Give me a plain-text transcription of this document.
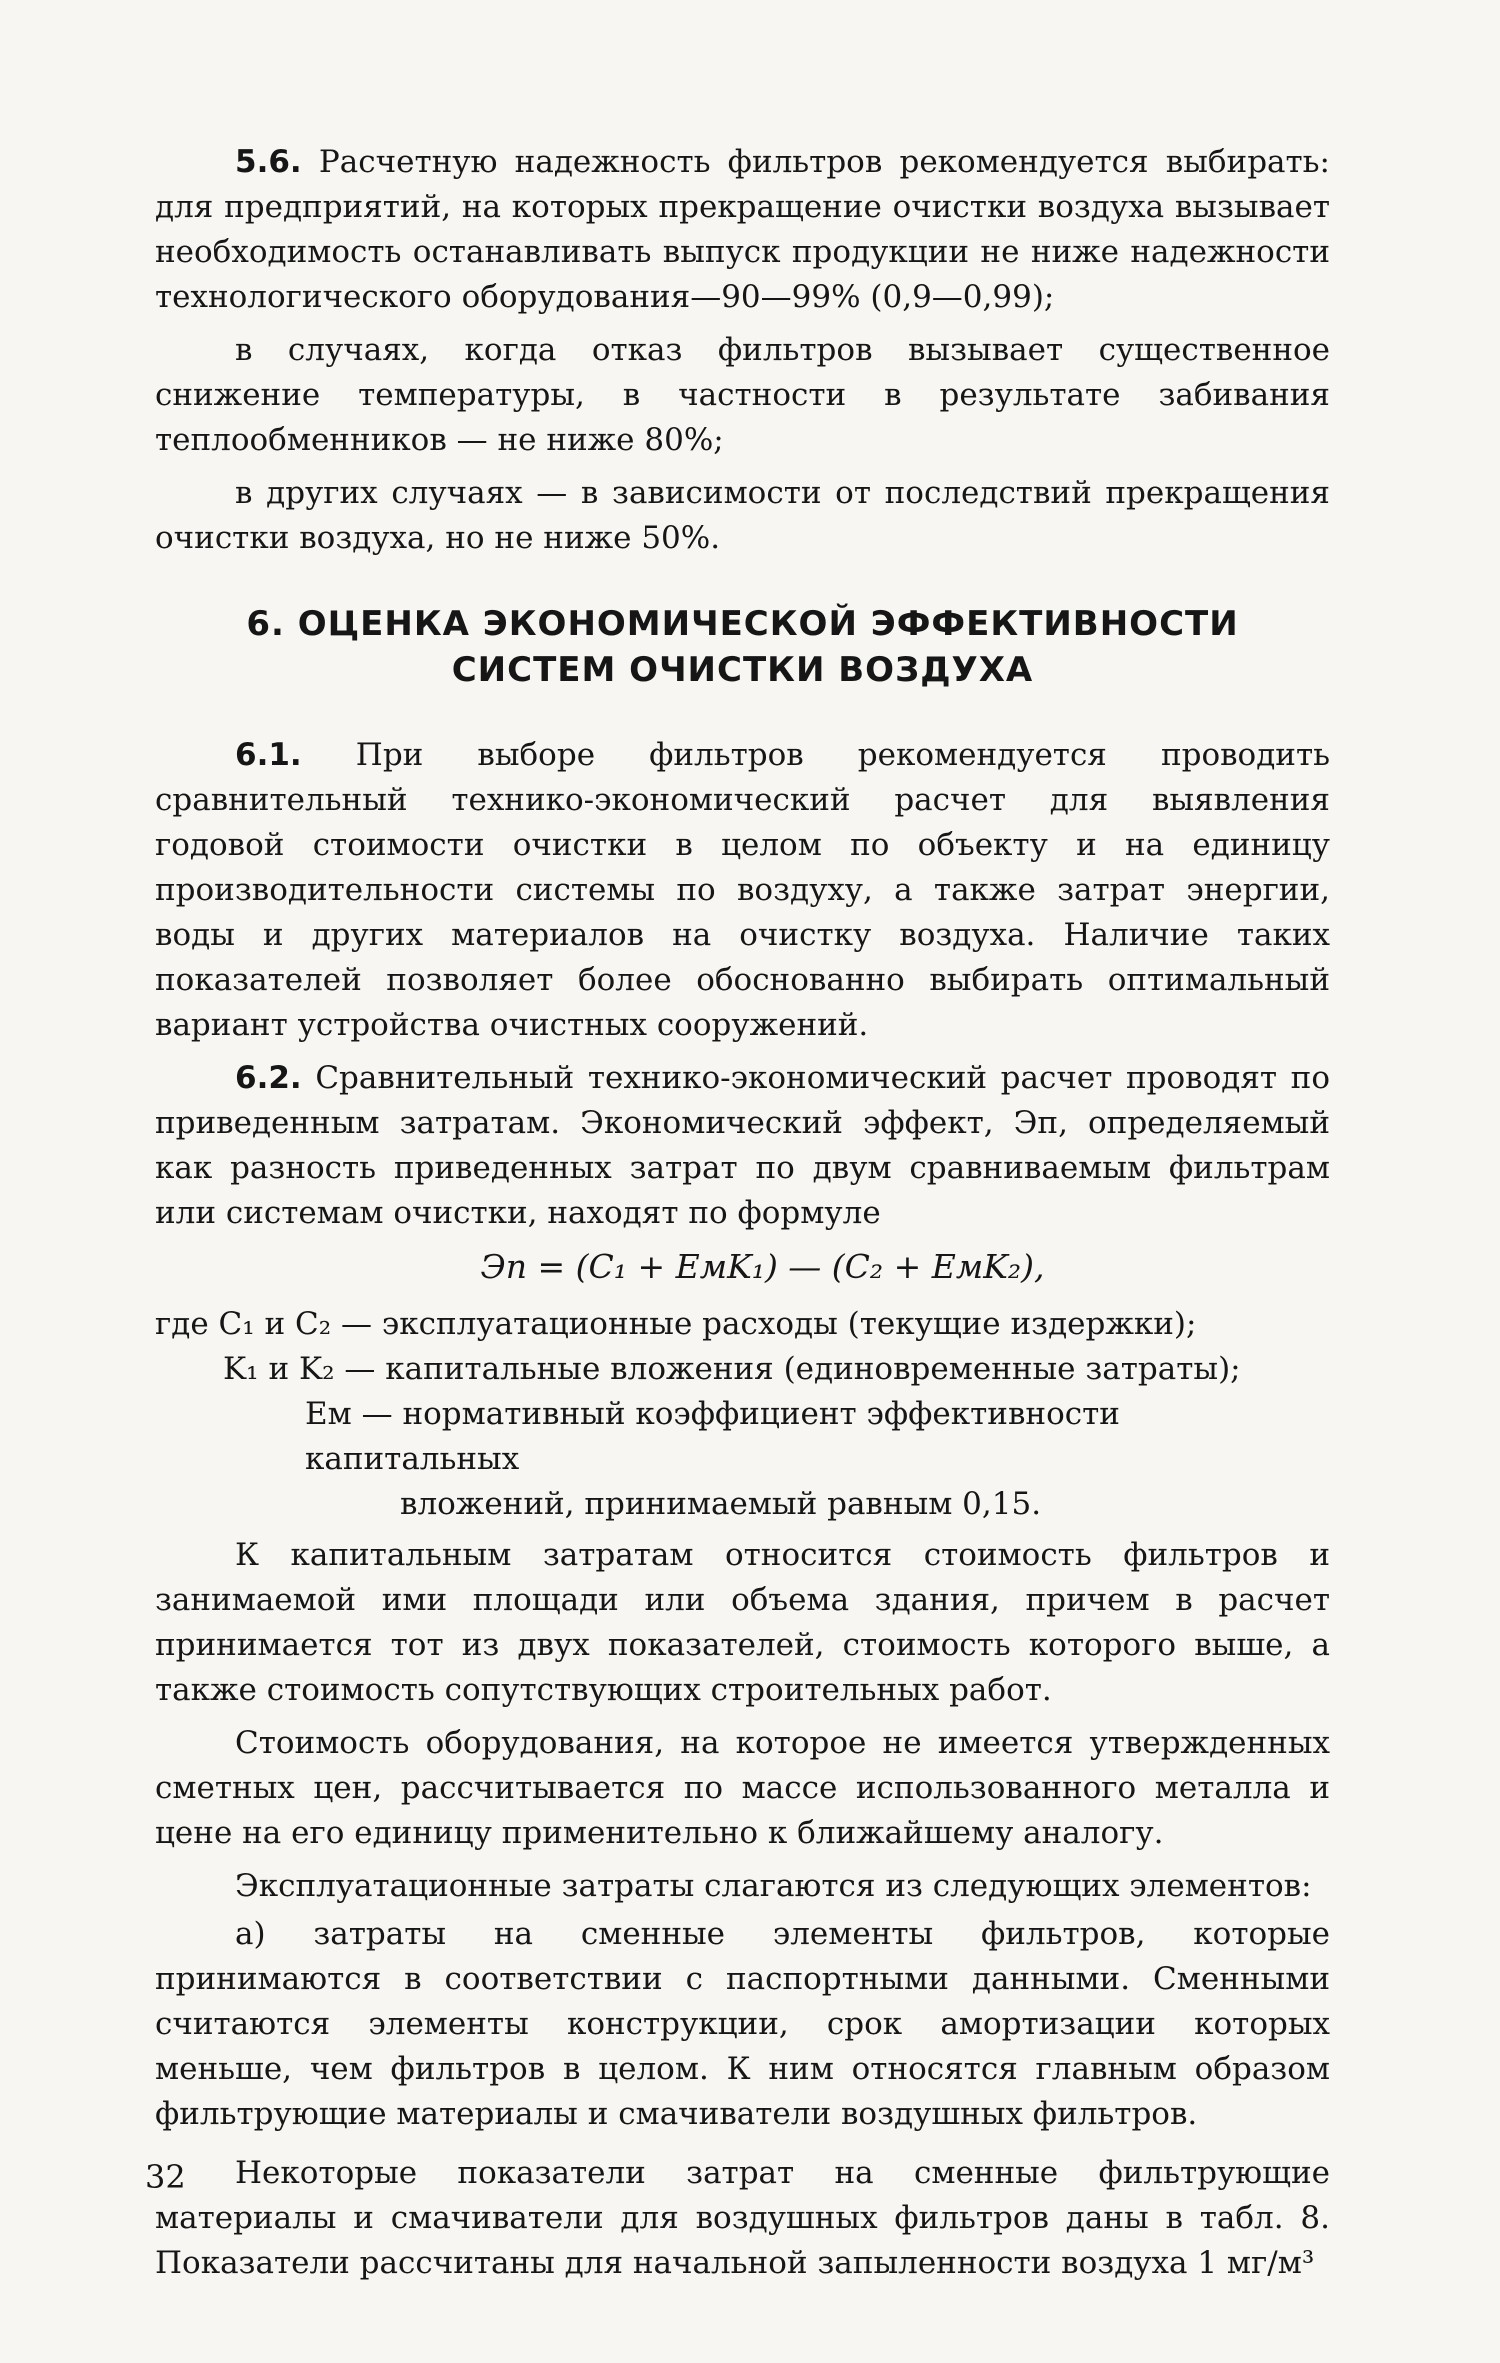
5.6. Расчетную надежность фильтров рекомендуется выбирать: для предприятий, на которых прекращение очистки воздуха вызывает необходимость останавливать выпуск продукции не ниже надежности технологического оборудования—90—99% (0,9—0,99);

в случаях, когда отказ фильтров вызывает существенное снижение температуры, в частности в результате забивания теплообменников — не ниже 80%;

в других случаях — в зависимости от последствий прекращения очистки воздуха, но не ниже 50%.

6. ОЦЕНКА ЭКОНОМИЧЕСКОЙ ЭФФЕКТИВНОСТИ
СИСТЕМ ОЧИСТКИ ВОЗДУХА

6.1. При выборе фильтров рекомендуется проводить сравнительный технико-экономический расчет для выявления годовой стоимости очистки в целом по объекту и на единицу производительности системы по воздуху, а также затрат энергии, воды и других материалов на очистку воздуха. Наличие таких показателей позволяет более обоснованно выбирать оптимальный вариант устройства очистных сооружений.

6.2. Сравнительный технико-экономический расчет проводят по приведенным затратам. Экономический эффект, Эп, определяемый как разность приведенных затрат по двум сравниваемым фильтрам или системам очистки, находят по формуле

Эп = (C₁ + EмK₁) — (C₂ + EмK₂),
где C₁ и C₂ — эксплуатационные расходы (текущие издержки);
K₁ и K₂ — капитальные вложения (единовременные затраты);
Eм — нормативный коэффициент эффективности капитальных
вложений, принимаемый равным 0,15.

К капитальным затратам относится стоимость фильтров и занимаемой ими площади или объема здания, причем в расчет принимается тот из двух показателей, стоимость которого выше, а также стоимость сопутствующих строительных работ.

Стоимость оборудования, на которое не имеется утвержденных сметных цен, рассчитывается по массе использованного металла и цене на его единицу применительно к ближайшему аналогу.

Эксплуатационные затраты слагаются из следующих элементов:

а) затраты на сменные элементы фильтров, которые принимаются в соответствии с паспортными данными. Сменными считаются элементы конструкции, срок амортизации которых меньше, чем фильтров в целом. К ним относятся главным образом фильтрующие материалы и смачиватели воздушных фильтров.

Некоторые показатели затрат на сменные фильтрующие материалы и смачиватели для воздушных фильтров даны в табл. 8. Показатели рассчитаны для начальной запыленности воздуха 1 мг/м³

32
